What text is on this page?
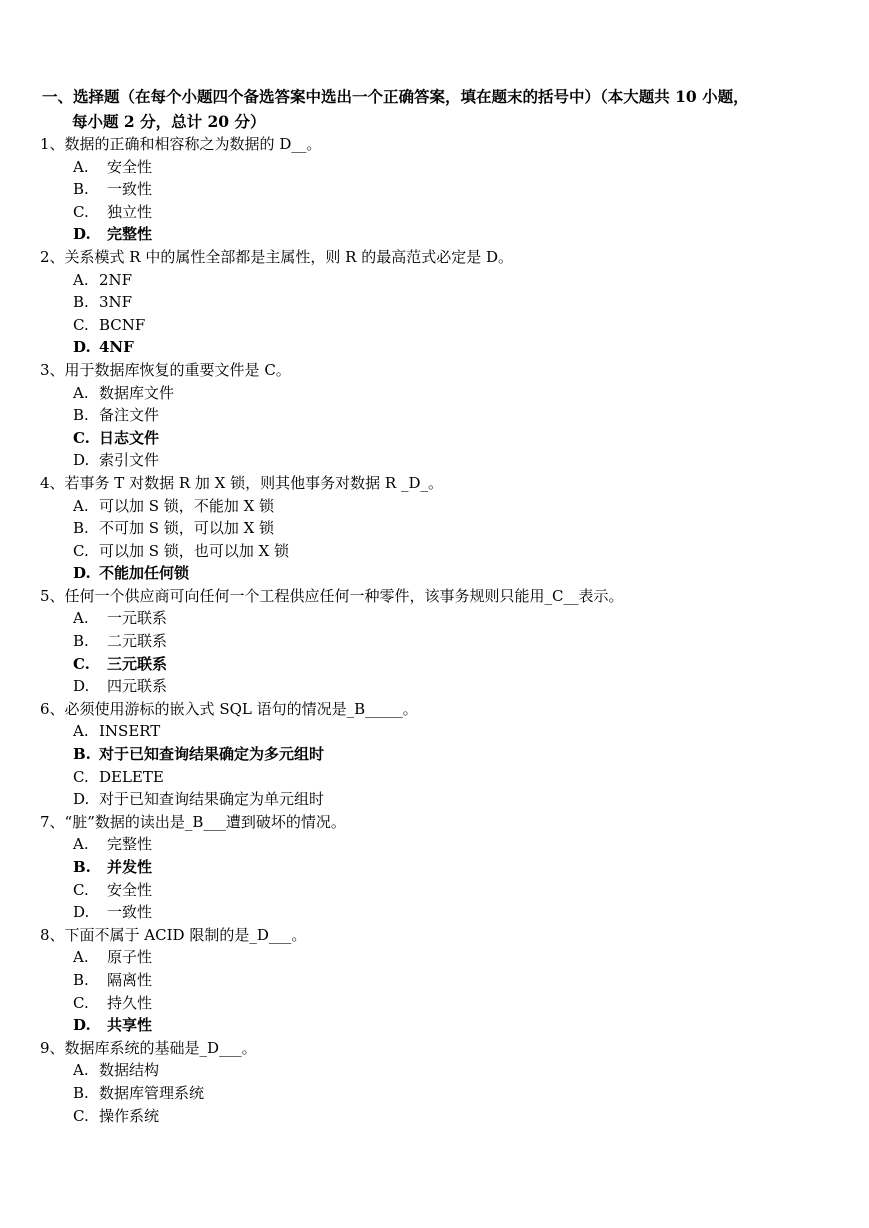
一、选择题（在每个小题四个备选答案中选出一个正确答案，填在题末的括号中）（本大题共 10 小题，
每小题 2 分，总计 20 分）
1、数据的正确和相容称之为数据的 D__。
A. 安全性
B. 一致性
C. 独立性
D. 完整性
2、关系模式 R 中的属性全部都是主属性，则 R 的最高范式必定是 D。
A. 2NF
B. 3NF
C. BCNF
D. 4NF
3、用于数据库恢复的重要文件是 C。
A. 数据库文件
B. 备注文件
C. 日志文件
D. 索引文件
4、若事务 T 对数据 R 加 X 锁，则其他事务对数据 R _D_。
A. 可以加 S 锁，不能加 X 锁
B. 不可加 S 锁，可以加 X 锁
C. 可以加 S 锁，也可以加 X 锁
D. 不能加任何锁
5、任何一个供应商可向任何一个工程供应任何一种零件，该事务规则只能用_C__表示。
A. 一元联系
B. 二元联系
C. 三元联系
D. 四元联系
6、必须使用游标的嵌入式 SQL 语句的情况是_B_____。
A. INSERT
B. 对于已知查询结果确定为多元组时
C. DELETE
D. 对于已知查询结果确定为单元组时
7、“脏”数据的读出是_B___遭到破坏的情况。
A. 完整性
B. 并发性
C. 安全性
D. 一致性
8、下面不属于 ACID 限制的是_D___。
A. 原子性
B. 隔离性
C. 持久性
D. 共享性
9、数据库系统的基础是_D___。
A. 数据结构
B. 数据库管理系统
C. 操作系统
